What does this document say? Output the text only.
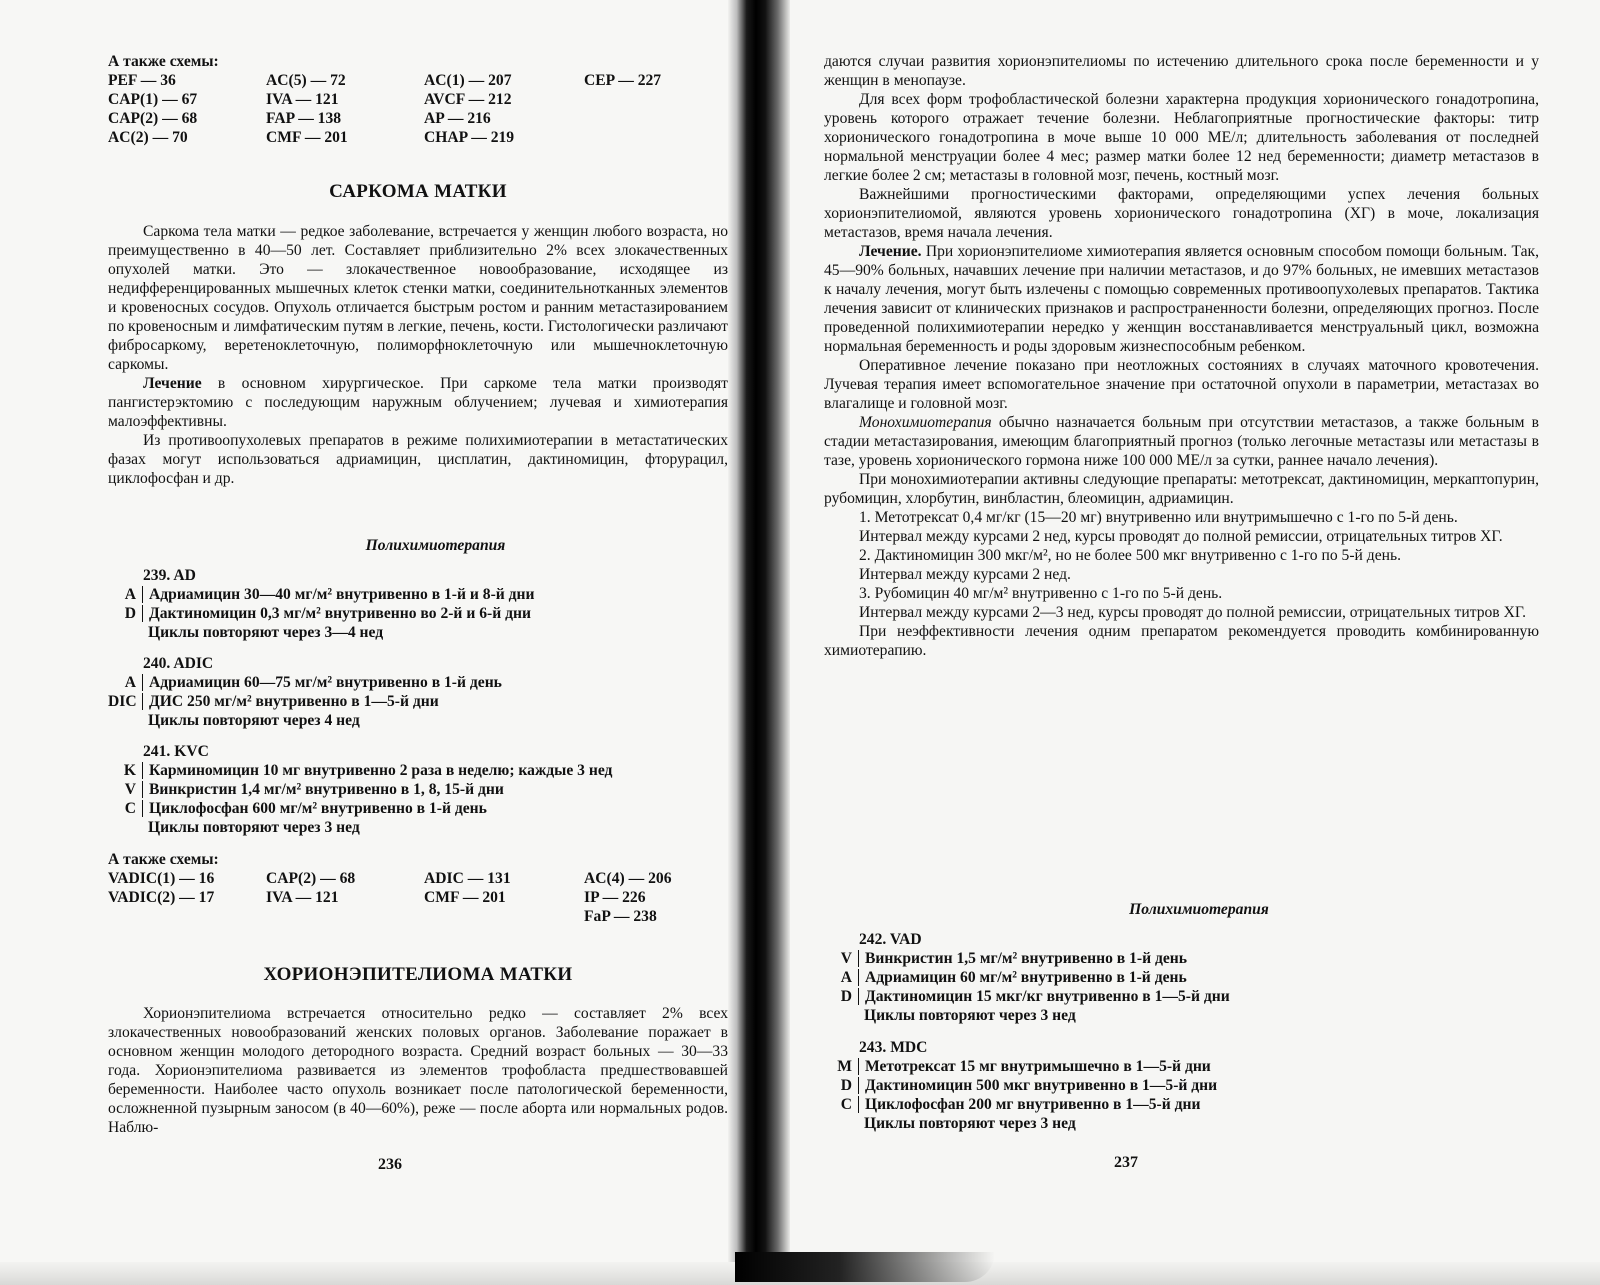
А также схемы:

PEF — 36
CAP(1) — 67
CAP(2) — 68
AC(2) — 70
AC(5) — 72
IVA — 121
FAP — 138
CMF — 201
AC(1) — 207
AVCF — 212
AP — 216
CHAP — 219
CEP — 227
САРКОМА МАТКИ

Саркома тела матки — редкое заболевание, встречается у женщин любого возраста, но преимущественно в 40—50 лет. Составляет приблизительно 2% всех злокачественных опухолей матки. Это — злокачественное новообразование, исходящее из недифференцированных мышечных клеток стенки матки, соединительнотканных элементов и кровеносных сосудов. Опухоль отличается быстрым ростом и ранним метастазированием по кровеносным и лимфатическим путям в легкие, печень, кости. Гистологически различают фибросаркому, веретеноклеточную, полиморфноклеточную или мышечноклеточную саркомы.

Лечение в основном хирургическое. При саркоме тела матки производят пангистерэктомию с последующим наружным облучением; лучевая и химиотерапия малоэффективны.

Из противоопухолевых препаратов в режиме полихимиотерапии в метастатических фазах могут использоваться адриамицин, цисплатин, дактиномицин, фторурацил, циклофосфан и др.

Полихимиотерапия

239. AD

A Адриамицин 30—40 мг/м² внутривенно в 1-й и 8-й дни
D Дактиномицин 0,3 мг/м² внутривенно во 2-й и 6-й дни
Циклы повторяют через 3—4 нед

240. ADIC

A Адриамицин 60—75 мг/м² внутривенно в 1-й день
DIC ДИС 250 мг/м² внутривенно в 1—5-й дни
Циклы повторяют через 4 нед

241. KVC

K Карминомицин 10 мг внутривенно 2 раза в неделю; каждые 3 нед
V Винкристин 1,4 мг/м² внутривенно в 1, 8, 15-й дни
C Циклофосфан 600 мг/м² внутривенно в 1-й день
Циклы повторяют через 3 нед

А также схемы:

VADIC(1) — 16
VADIC(2) — 17
CAP(2) — 68
IVA — 121
ADIC — 131
CMF — 201
AC(4) — 206
IP — 226
FaP — 238
ХОРИОНЭПИТЕЛИОМА МАТКИ

Хорионэпителиома встречается относительно редко — составляет 2% всех злокачественных новообразований женских половых органов. Заболевание поражает в основном женщин молодого детородного возраста. Средний возраст больных — 30—33 года. Хорионэпителиома развивается из элементов трофобласта предшествовавшей беременности. Наиболее часто опухоль возникает после патологической беременности, осложненной пузырным заносом (в 40—60%), реже — после аборта или нормальных родов. Наблю-

236

даются случаи развития хорионэпителиомы по истечению длительного срока после беременности и у женщин в менопаузе.

Для всех форм трофобластической болезни характерна продукция хорионического гонадотропина, уровень которого отражает течение болезни. Неблагоприятные прогностические факторы: титр хорионического гонадотропина в моче выше 10 000 МЕ/л; длительность заболевания от последней нормальной менструации более 4 мес; размер матки более 12 нед беременности; диаметр метастазов в легкие более 2 см; метастазы в головной мозг, печень, костный мозг.

Важнейшими прогностическими факторами, определяющими успех лечения больных хорионэпителиомой, являются уровень хорионического гонадотропина (ХГ) в моче, локализация метастазов, время начала лечения.

Лечение. При хорионэпителиоме химиотерапия является основным способом помощи больным. Так, 45—90% больных, начавших лечение при наличии метастазов, и до 97% больных, не имевших метастазов к началу лечения, могут быть излечены с помощью современных противоопухолевых препаратов. Тактика лечения зависит от клинических признаков и распространенности болезни, определяющих прогноз. После проведенной полихимиотерапии нередко у женщин восстанавливается менструальный цикл, возможна нормальная беременность и роды здоровым жизнеспособным ребенком.

Оперативное лечение показано при неотложных состояниях в случаях маточного кровотечения. Лучевая терапия имеет вспомогательное значение при остаточной опухоли в параметрии, метастазах во влагалище и головной мозг.

Монохимиотерапия обычно назначается больным при отсутствии метастазов, а также больным в стадии метастазирования, имеющим благоприятный прогноз (только легочные метастазы или метастазы в тазе, уровень хорионического гормона ниже 100 000 МЕ/л за сутки, раннее начало лечения).

При монохимиотерапии активны следующие препараты: метотрексат, дактиномицин, меркаптопурин, рубомицин, хлорбутин, винбластин, блеомицин, адриамицин.

1. Метотрексат 0,4 мг/кг (15—20 мг) внутривенно или внутримышечно с 1-го по 5-й день.

Интервал между курсами 2 нед, курсы проводят до полной ремиссии, отрицательных титров ХГ.

2. Дактиномицин 300 мкг/м², но не более 500 мкг внутривенно с 1-го по 5-й день.

Интервал между курсами 2 нед.

3. Рубомицин 40 мг/м² внутривенно с 1-го по 5-й день.

Интервал между курсами 2—3 нед, курсы проводят до полной ремиссии, отрицательных титров ХГ.

При неэффективности лечения одним препаратом рекомендуется проводить комбинированную химиотерапию.

Полихимиотерапия

242. VAD

V Винкристин 1,5 мг/м² внутривенно в 1-й день
A Адриамицин 60 мг/м² внутривенно в 1-й день
D Дактиномицин 15 мкг/кг внутривенно в 1—5-й дни
Циклы повторяют через 3 нед

243. MDC

M Метотрексат 15 мг внутримышечно в 1—5-й дни
D Дактиномицин 500 мкг внутривенно в 1—5-й дни
C Циклофосфан 200 мг внутривенно в 1—5-й дни
Циклы повторяют через 3 нед
237
